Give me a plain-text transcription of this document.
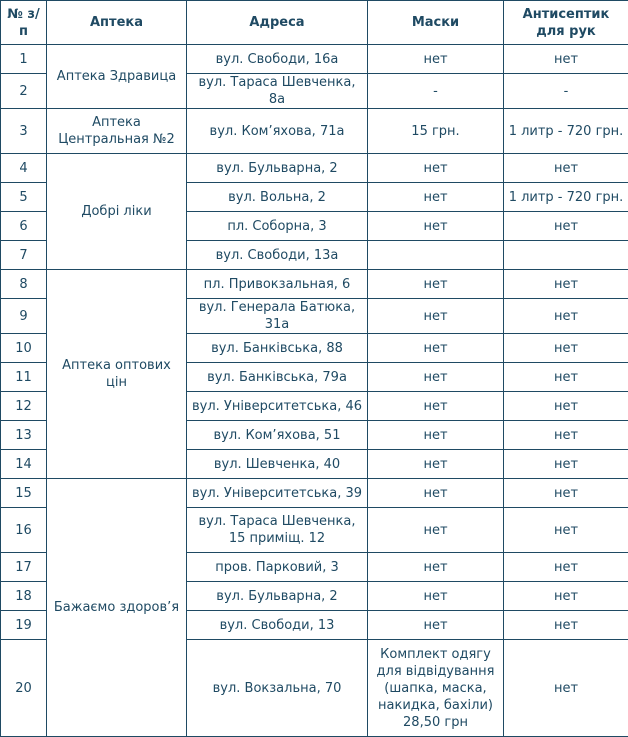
№ з/п	Аптека	Адреса	Маски	Антисептик для рук
1	Аптека Здравица	вул. Свободи, 16а	нет	нет
2		вул. Тараса Шевченка, 8а	-	-
3	Аптека Центральная №2	вул. Ком’яхова, 71а	15 грн.	1 литр - 720 грн.
4	Добрі ліки	вул. Бульварна, 2	нет	нет
5		вул. Вольна, 2	нет	1 литр - 720 грн.
6		пл. Соборна, 3	нет	нет
7		вул. Свободи, 13а		
8	Аптека оптових цін	пл. Привокзальная, 6	нет	нет
9		вул. Генерала Батюка, 31а	нет	нет
10		вул. Банківська, 88	нет	нет
11		вул. Банківська, 79а	нет	нет
12		вул. Університетська, 46	нет	нет
13		вул. Ком’яхова, 51	нет	нет
14		вул. Шевченка, 40	нет	нет
15	Бажаємо здоров’я	вул. Університетська, 39	нет	нет
16		вул. Тараса Шевченка, 15 приміщ. 12	нет	нет
17		пров. Парковий, 3	нет	нет
18		вул. Бульварна, 2	нет	нет
19		вул. Свободи, 13	нет	нет
20		вул. Вокзальна, 70	Комплект одягу для відвідування (шапка, маска, накидка, бахіли) 28,50 грн	нет
